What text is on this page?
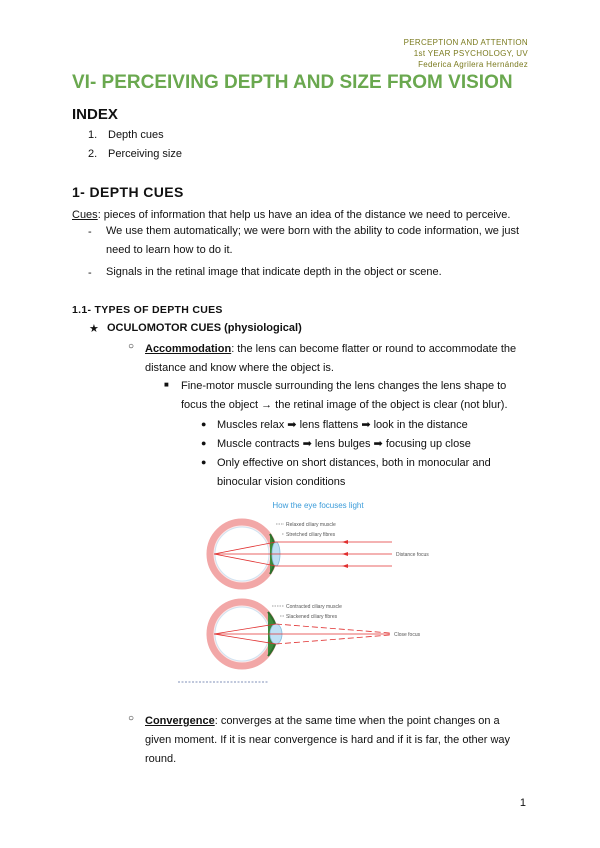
PERCEPTION AND ATTENTION
1st YEAR PSYCHOLOGY, UV
Federica Agrilera Hernández
VI- PERCEIVING DEPTH AND SIZE FROM VISION
INDEX
1. Depth cues
2. Perceiving size
1- DEPTH CUES
Cues: pieces of information that help us have an idea of the distance we need to perceive.
- We use them automatically; we were born with the ability to code information, we just
need to learn how to do it.
- Signals in the retinal image that indicate depth in the object or scene.
1.1- TYPES OF DEPTH CUES
★ OCULOMOTOR CUES (physiological)
○ Accommodation: the lens can become flatter or round to accommodate the
distance and know where the object is.
■ Fine-motor muscle surrounding the lens changes the lens shape to
focus the object → the retinal image of the object is clear (not blur).
● Muscles relax ➡ lens flattens ➡ look in the distance
● Muscle contracts ➡ lens bulges ➡ focusing up close
● Only effective on short distances, both in monocular and
binocular vision conditions
How the eye focuses light
Relaxed ciliary muscle
Stretched ciliary fibres
Distance focus
Contracted ciliary muscle
Slackened ciliary fibres
Close focus
○ Convergence: converges at the same time when the point changes on a
given moment. If it is near convergence is hard and if it is far, the other way
round.
1
